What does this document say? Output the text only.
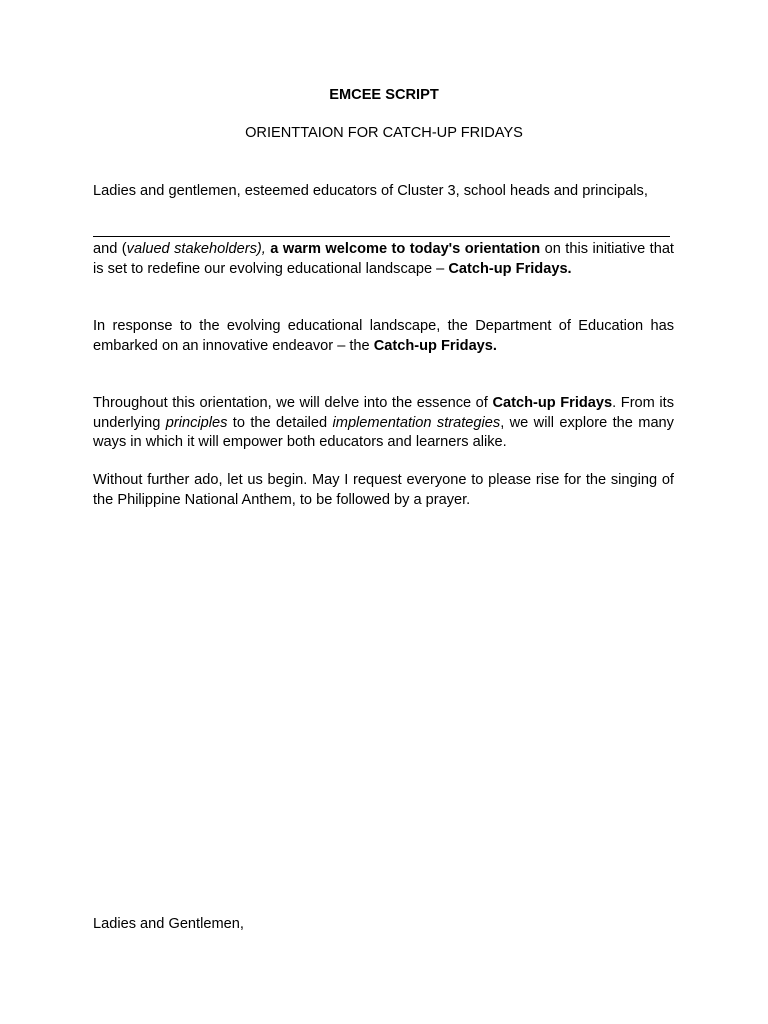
EMCEE SCRIPT

ORIENTTAION FOR CATCH-UP FRIDAYS

Ladies and gentlemen, esteemed educators of Cluster 3, school heads and principals,

and (valued stakeholders), a warm welcome to today's orientation on this initiative that is set to redefine our evolving educational landscape – Catch-up Fridays.

In response to the evolving educational landscape, the Department of Education has embarked on an innovative endeavor – the Catch-up Fridays.

Throughout this orientation, we will delve into the essence of Catch-up Fridays. From its underlying principles to the detailed implementation strategies, we will explore the many ways in which it will empower both educators and learners alike.

Without further ado, let us begin. May I request everyone to please rise for the singing of the Philippine National Anthem, to be followed by a prayer.

Ladies and Gentlemen,
